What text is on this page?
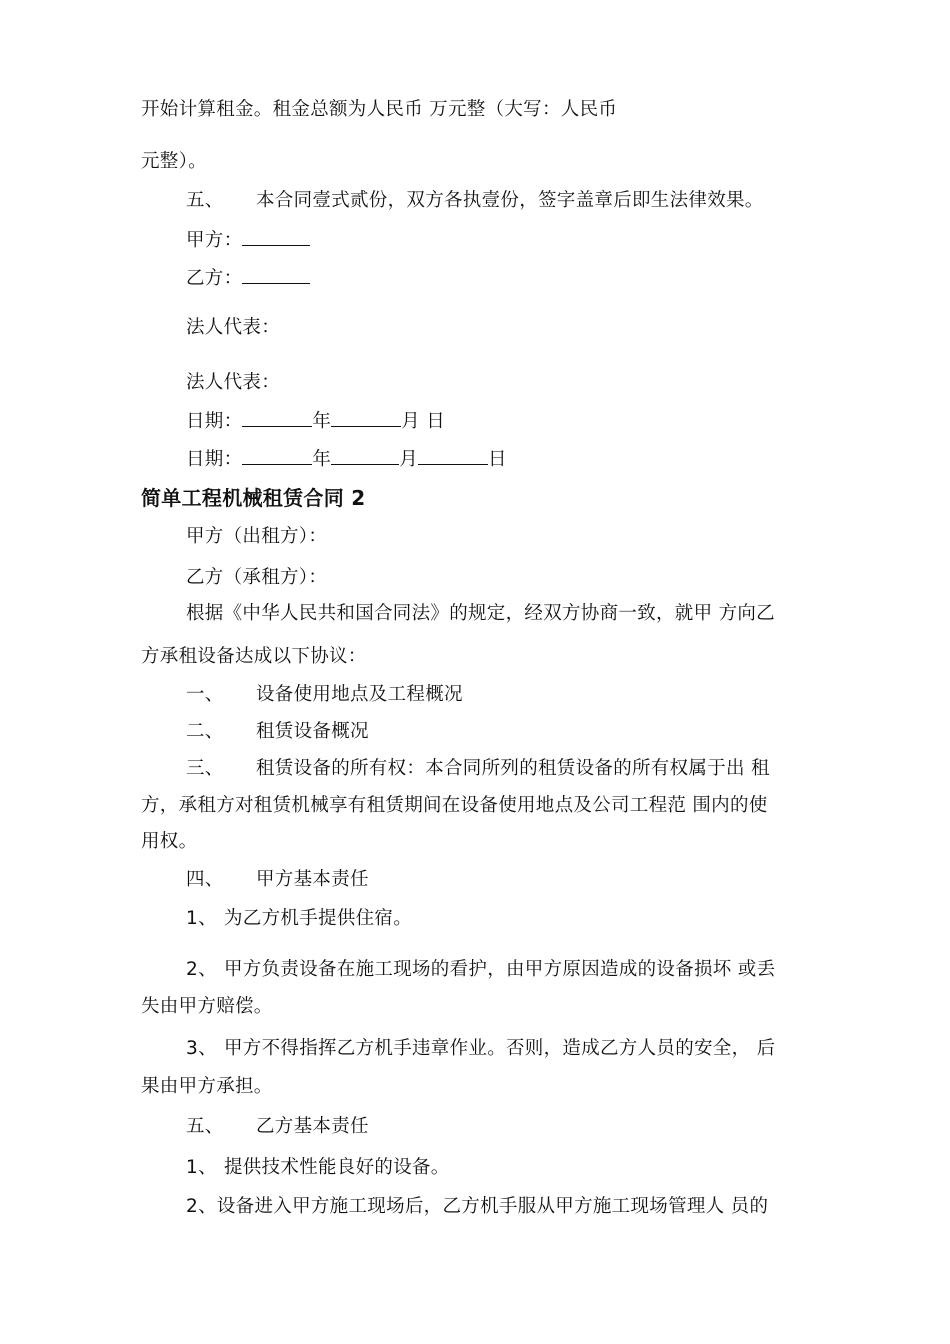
开始计算租金。租金总额为人民币 万元整（大写：人民币
元整）。
五、 本合同壹式贰份，双方各执壹份，签字盖章后即生法律效果。
甲方：
乙方：
法人代表：
法人代表：
日期：	年	月 日
日期：	年	月	日
简单工程机械租赁合同 2
甲方（出租方）：
乙方（承租方）：
根据《中华人民共和国合同法》的规定，经双方协商一致，就甲 方向乙
方承租设备达成以下协议：
一、 设备使用地点及工程概况
二、 租赁设备概况
三、 租赁设备的所有权：本合同所列的租赁设备的所有权属于出 租
方，承租方对租赁机械享有租赁期间在设备使用地点及公司工程范 围内的使
用权。
四、 甲方基本责任
1、 为乙方机手提供住宿。
2、 甲方负责设备在施工现场的看护，由甲方原因造成的设备损坏 或丢
失由甲方赔偿。
3、 甲方不得指挥乙方机手违章作业。否则，造成乙方人员的安全， 后
果由甲方承担。
五、 乙方基本责任
1、 提供技术性能良好的设备。
2、设备进入甲方施工现场后，乙方机手服从甲方施工现场管理人 员的
